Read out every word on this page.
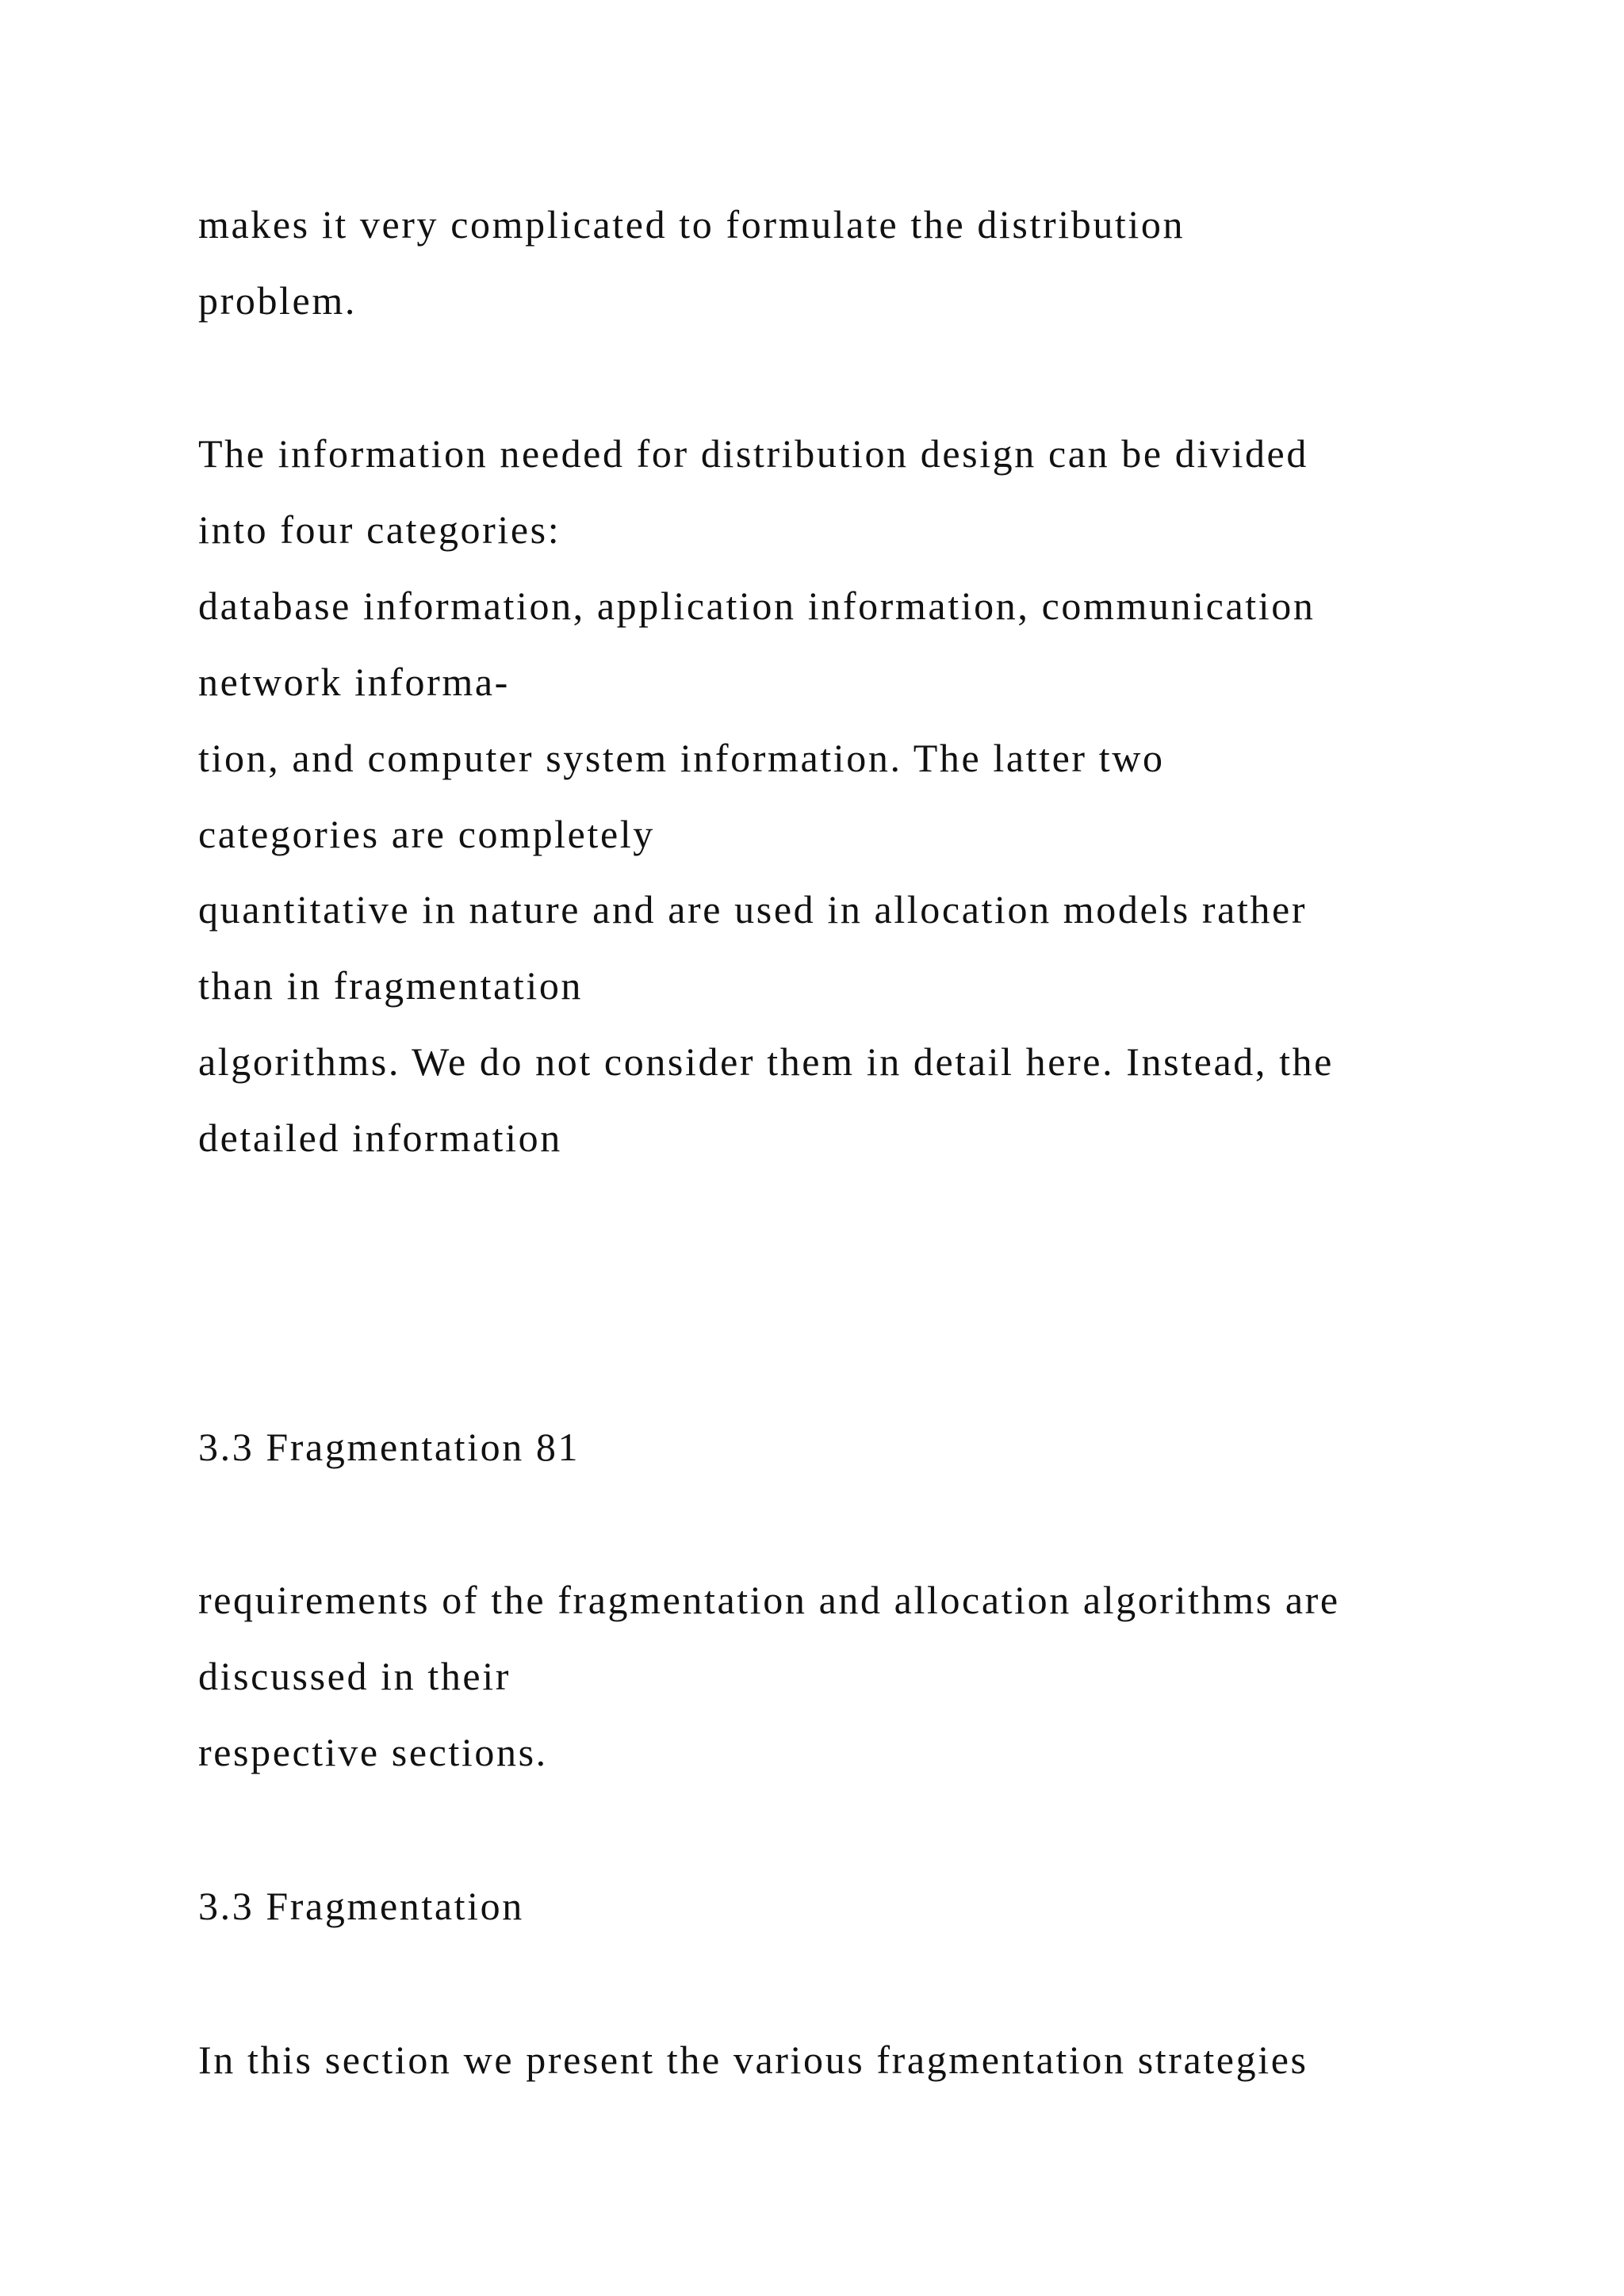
makes it very complicated to formulate the distribution

problem.

The information needed for distribution design can be divided

into four categories:

database information, application information, communication

network informa-

tion, and computer system information. The latter two

categories are completely

quantitative in nature and are used in allocation models rather

than in fragmentation

algorithms. We do not consider them in detail here. Instead, the

detailed information

3.3 Fragmentation 81

requirements of the fragmentation and allocation algorithms are

discussed in their

respective sections.

3.3 Fragmentation

In this section we present the various fragmentation strategies
